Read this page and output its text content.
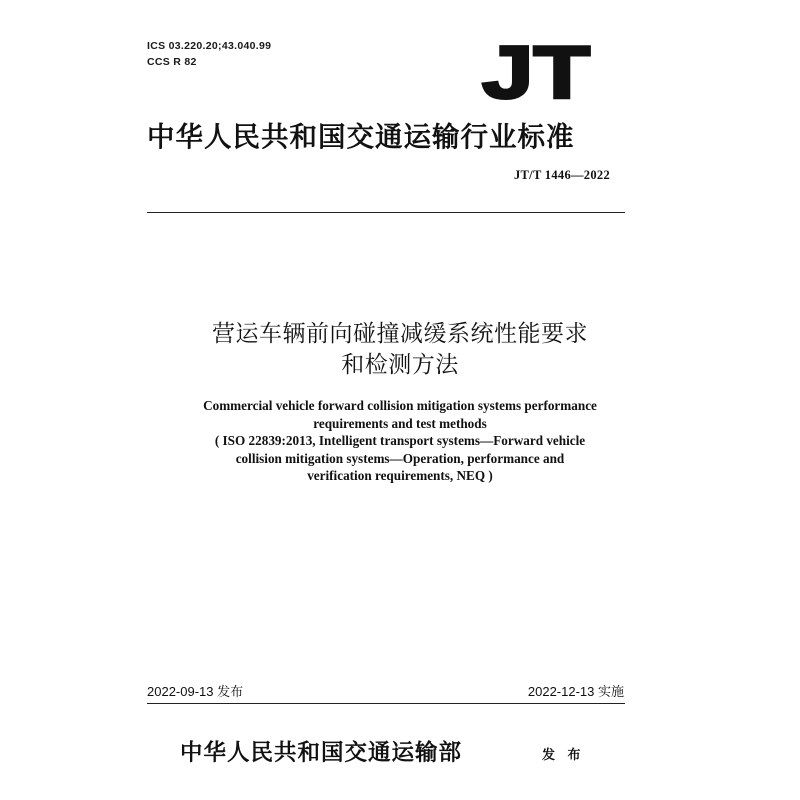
ICS 03.220.20;43.040.99
CCS R 82	JT
中华人民共和国交通运输行业标准
JT/T 1446—2022
营运车辆前向碰撞减缓系统性能要求
和检测方法
Commercial vehicle forward collision mitigation systems performance
requirements and test methods
( ISO 22839:2013, Intelligent transport systems—Forward vehicle
collision mitigation systems—Operation, performance and
verification requirements, NEQ )
2022-09-13 发布	2022-12-13 实施
中华人民共和国交通运输部	发 布
